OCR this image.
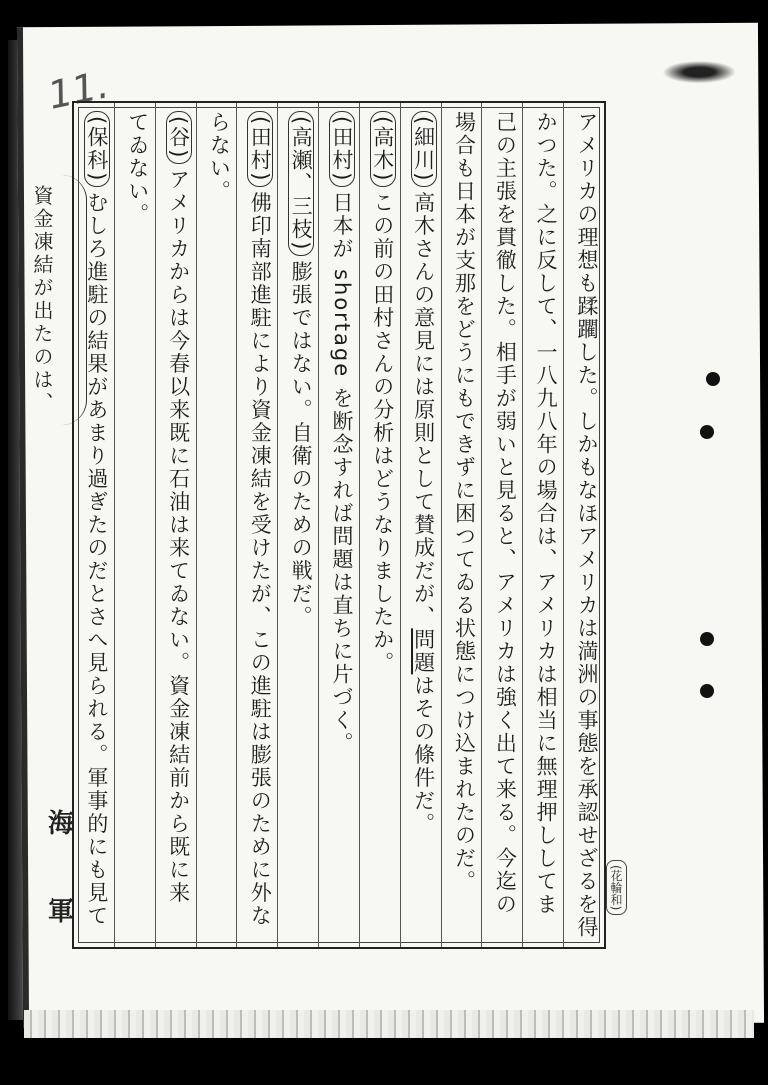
11.
資金凍結が出たのは、
アメリカの理想も蹂躙した。しかもなほアメリカは満洲の事態を承認せざるを得
かつた。之に反して、一八九八年の場合は、アメリカは相当に無理押ししてま
己の主張を貫徹した。相手が弱いと見ると、アメリカは強く出て来る。今迄の
場合も日本が支那をどうにもできずに困つてゐる状態につけ込まれたのだ。
(細川)高木さんの意見には原則として賛成だが、問題はその條件だ。
(高木)この前の田村さんの分析はどうなりましたか。
(田村)日本が shortage を断念すれば問題は直ちに片づく。
(高瀬、三枝)膨張ではない。自衛のための戦だ。
(田村)佛印南部進駐により資金凍結を受けたが、この進駐は膨張のために外な
らない。
(谷)アメリカからは今春以来既に石油は来てゐない。資金凍結前から既に来
てゐない。
(保科)むしろ進駐の結果があまり過ぎたのだとさへ見られる。軍事的にも見て
(花輪和)
海
軍
